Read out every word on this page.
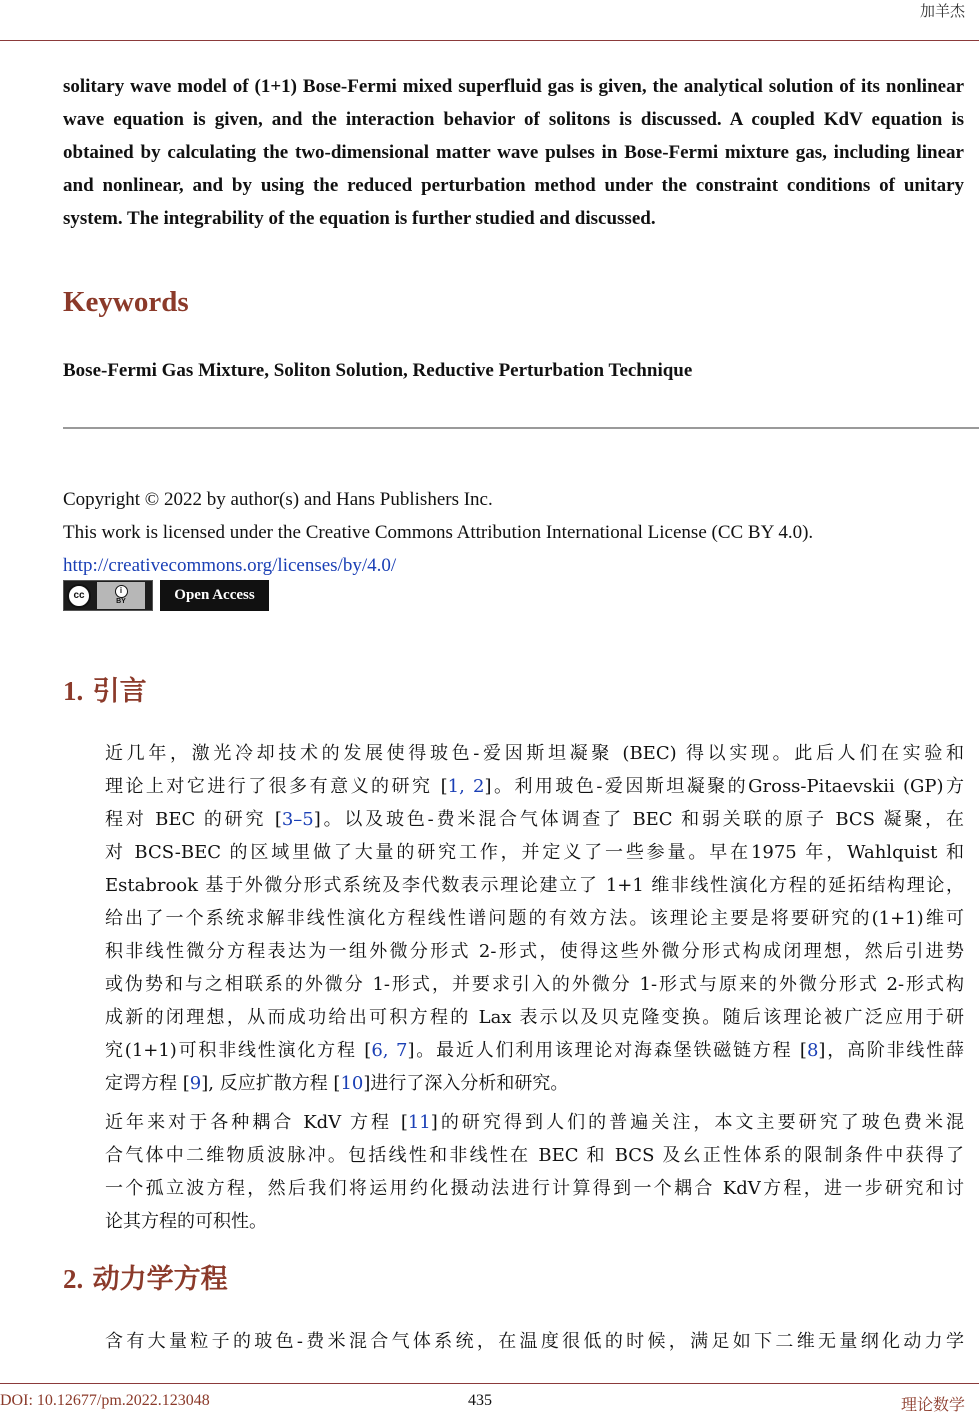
加羊杰

solitary wave model of (1+1) Bose-Fermi mixed superfluid gas is given, the analytical solution of its nonlinear wave equation is given, and the interaction behavior of solitons is discussed. A coupled KdV equation is obtained by calculating the two-dimensional matter wave pulses in Bose-Fermi mixture gas, including linear and nonlinear, and by using the reduced perturbation method under the constraint conditions of unitary system. The integrability of the equation is further studied and discussed.

Keywords
Bose-Fermi Gas Mixture, Soliton Solution, Reductive Perturbation Technique
Copyright © 2022 by author(s) and Hans Publishers Inc.
This work is licensed under the Creative Commons Attribution International License (CC BY 4.0).
http://creativecommons.org/licenses/by/4.0/
cc	i
BY	Open Access
1. 引言

近几年，激光冷却技术的发展使得玻色-爱因斯坦凝聚 (BEC) 得以实现。此后人们在实验和
理论上对它进行了很多有意义的研究 [1, 2]。利用玻色-爱因斯坦凝聚的Gross-Pitaevskii (GP)方
程对 BEC 的研究 [3–5]。以及玻色-费米混合气体调查了 BEC 和弱关联的原子 BCS 凝聚，在
对 BCS-BEC 的区域里做了大量的研究工作，并定义了一些参量。早在1975 年，Wahlquist 和
Estabrook 基于外微分形式系统及李代数表示理论建立了 1+1 维非线性演化方程的延拓结构理论，
给出了一个系统求解非线性演化方程线性谱问题的有效方法。该理论主要是将要研究的(1+1)维可
积非线性微分方程表达为一组外微分形式 2-形式，使得这些外微分形式构成闭理想，然后引进势
或伪势和与之相联系的外微分 1-形式，并要求引入的外微分 1-形式与原来的外微分形式 2-形式构
成新的闭理想，从而成功给出可积方程的 Lax 表示以及贝克隆变换。随后该理论被广泛应用于研
究(1+1)可积非线性演化方程 [6, 7]。最近人们利用该理论对海森堡铁磁链方程 [8]，高阶非线性薛
定谔方程 [9], 反应扩散方程 [10]进行了深入分析和研究。

近年来对于各种耦合 KdV 方程 [11]的研究得到人们的普遍关注，本文主要研究了玻色费米混
合气体中二维物质波脉冲。包括线性和非线性在 BEC 和 BCS 及幺正性体系的限制条件中获得了
一个孤立波方程，然后我们将运用约化摄动法进行计算得到一个耦合 KdV方程，进一步研究和讨
论其方程的可积性。

2. 动力学方程

含有大量粒子的玻色-费米混合气体系统，在温度很低的时候，满足如下二维无量纲化动力学

DOI: 10.12677/pm.2022.123048	435	理论数学
